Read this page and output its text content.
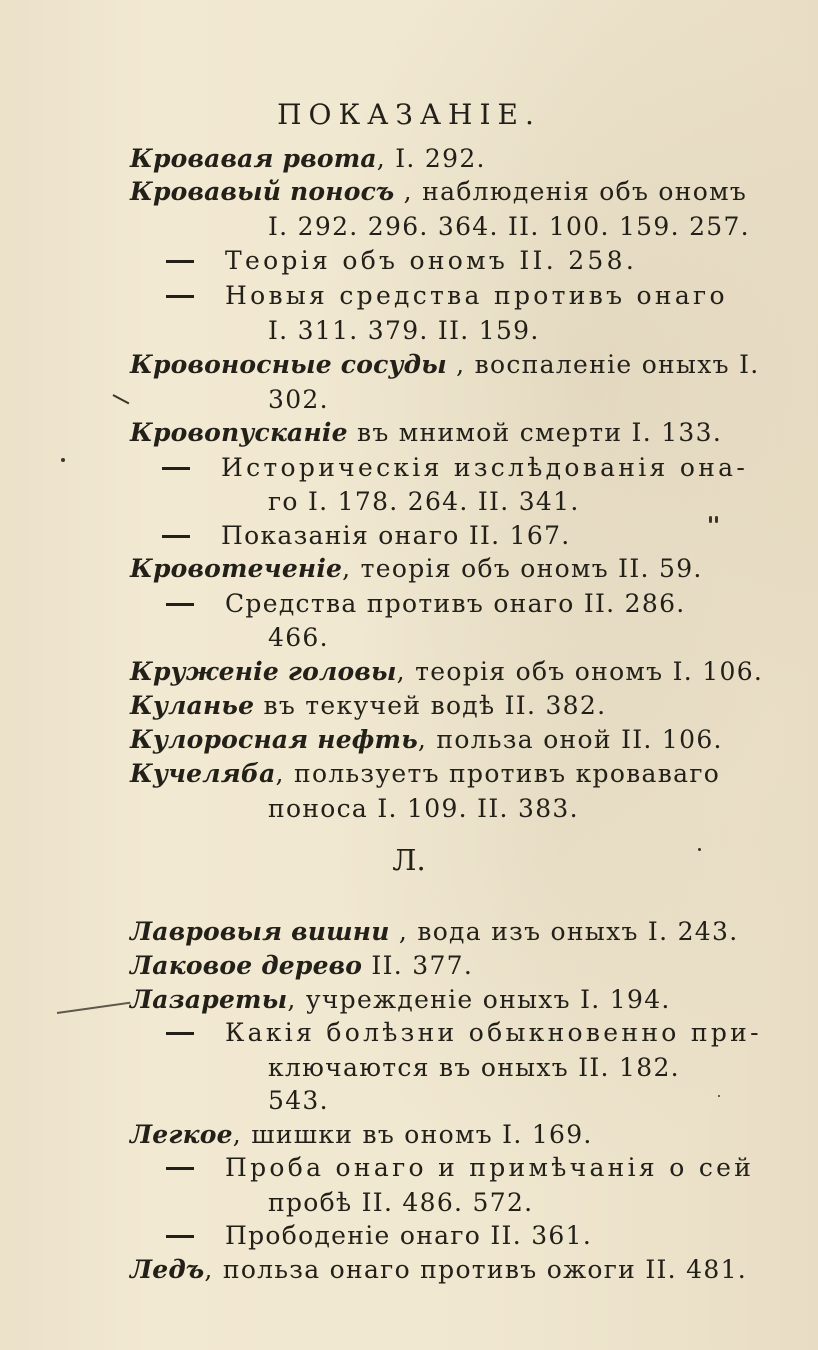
ПОКАЗАНІЕ.
Кровавая рвота, I. 292.
Кровавый поносъ , наблюденія объ ономъ
I. 292. 296. 364. II. 100. 159. 257.
Теорія объ ономъ II. 258.
Новыя средства противъ онаго
I. 311. 379. II. 159.
Кровоносные сосуды , воспаленіе оныхъ I.
302.
Кровопусканіе въ мнимой смерти I. 133.
Историческія изслѣдованія она-
го I. 178. 264. II. 341.
Показанія онаго II. 167.
Кровотеченіе, теорія объ ономъ II. 59.
Средства противъ онаго II. 286.
466.
Круженіе головы, теорія объ ономъ I. 106.
Куланье въ текучей водѣ II. 382.
Кулоросная нефть, польза оной II. 106.
Кучеляба, пользуетъ противъ кроваваго
поноса I. 109. II. 383.
Л.
Лавровыя вишни , вода изъ оныхъ I. 243.
Лаковое дерево II. 377.
Лазареты, учрежденіе оныхъ I. 194.
Какія болѣзни обыкновенно при-
ключаются въ оныхъ II. 182.
543.
Легкое, шишки въ ономъ I. 169.
Проба онаго и примѣчанія о сей
пробѣ II. 486. 572.
Прободеніе онаго II. 361.
Ледъ, польза онаго противъ ожоги II. 481.
